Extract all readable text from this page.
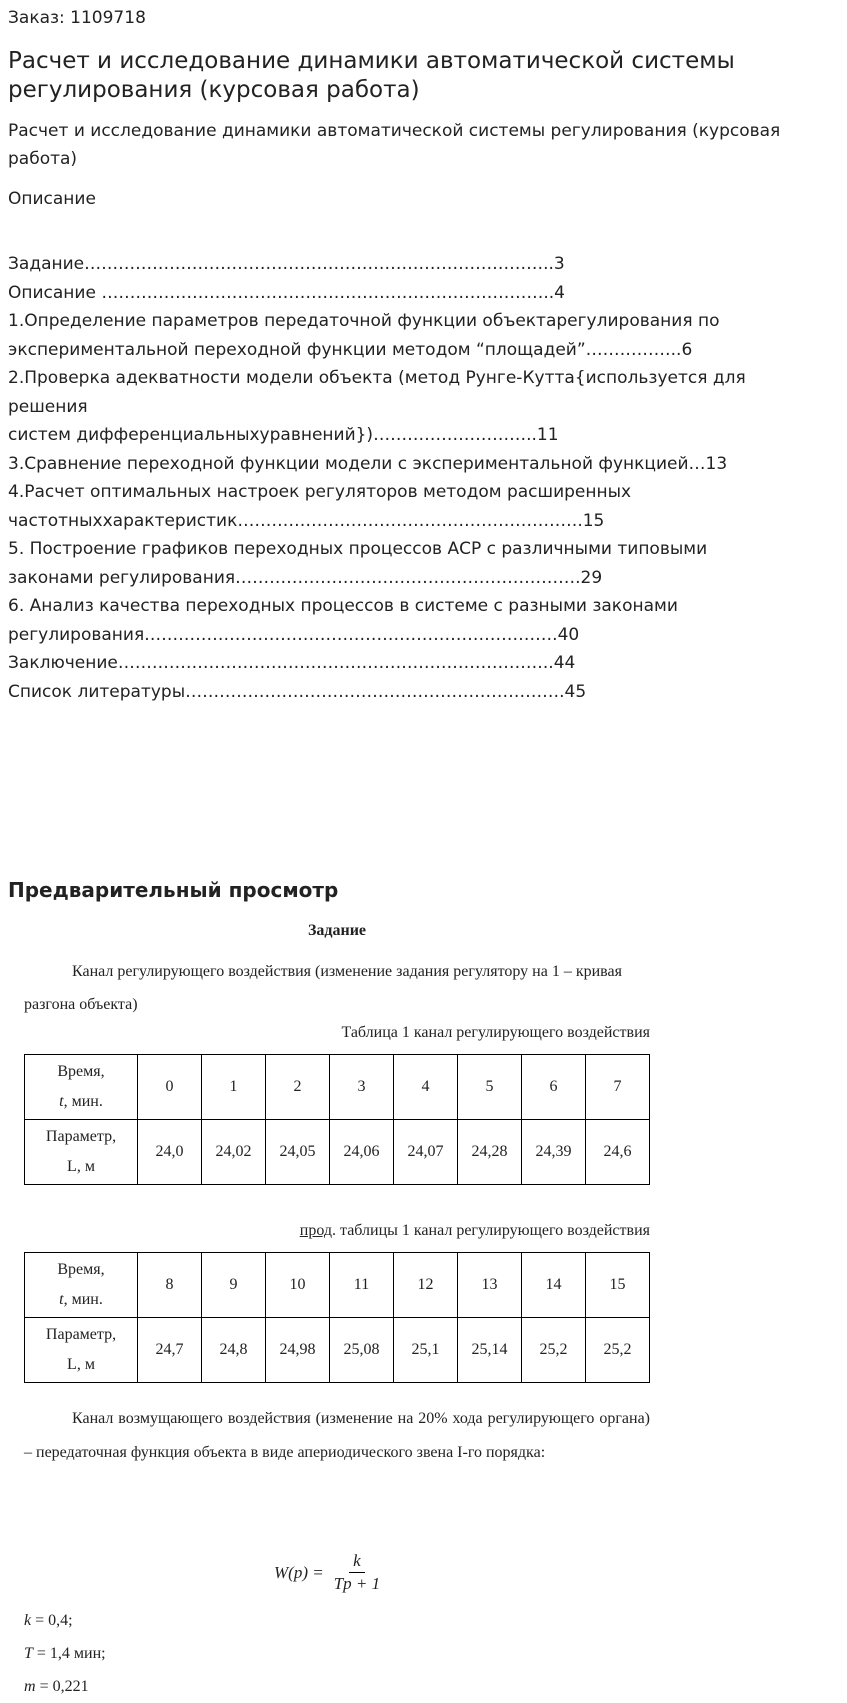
Заказ: 1109718
Расчет и исследование динамики автоматической системы регулирования (курсовая работа)
Расчет и исследование динамики автоматической системы регулирования (курсовая работа)
Описание
Задание………………………………………………………………………..3
Описание ……………………………………………………………………..4
1.Определение параметров передаточной функции объектарегулирования по
экспериментальной переходной функции методом “площадей”……………..6
2.Проверка адекватности модели объекта (метод Рунге-Кутта{используется для
решения
систем дифференциальныхуравнений})………………………..11
3.Сравнение переходной функции модели с экспериментальной функцией…13
4.Расчет оптимальных настроек регуляторов методом расширенных
частотныххарактеристик…………………………………………………….15
5. Построение графиков переходных процессов АСР с различными типовыми
законами регулирования…………………………………………………….29
6. Анализ качества переходных процессов в системе с разными законами
регулирования……………………………………………………………….40
Заключение…………………………………………………………………..44
Список литературы………………………………………………………….45
Предварительный просмотр
Задание
Канал регулирующего воздействия (изменение задания регулятору на 1 – кривая разгона объекта)
Таблица 1 канал регулирующего воздействия
Время,
t, мин.	0	1	2	3	4	5	6	7
Параметр,
L, м	24,0	24,02	24,05	24,06	24,07	24,28	24,39	24,6
прод. таблицы 1 канал регулирующего воздействия
Время,
t, мин.	8	9	10	11	12	13	14	15
Параметр,
L, м	24,7	24,8	24,98	25,08	25,1	25,14	25,2	25,2
Канал возмущающего воздействия (изменение на 20% хода регулирующего органа) – передаточная функция объекта в виде апериодического звена I-го порядка:
$W(p) = \frac{k}{Tp + 1}$
k = 0,4;
T = 1,4 мин;
m = 0,221
